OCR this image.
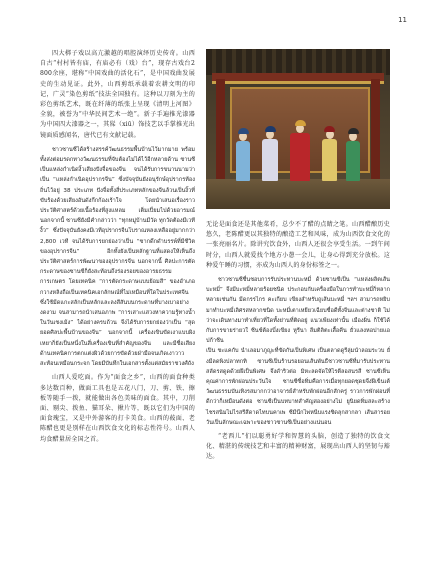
11

四大梆子戏以高亢激越的唱腔演绎历史传奇。山西自古“村村皆有庙，有庙必有（戏）台”，现存古戏台2 800余座，堪称“中国戏曲的活化石”，是中国戏曲发展史的生动见证。此外，山西剪纸承载着农耕文明的印记，广灵“染色剪纸”技法全国独有。这种以刀刻为主的彩色剪纸艺术，既在纤薄的纸张上呈现《清明上河图》全貌，被誉为“中华民间艺术一绝”。新子手遍推光漆器为中国四大漆器之一，其髹（xiū）饰技艺以手掌推光出镜面质感闻名，唐代已有文献记载。

ชาวซานซีได้สร้างสรรค์วัฒนธรรมพื้นบ้านไว้มากมาย พร้อมทั้งส่งต่อมรดกทางวัฒนธรรมที่จับต้องไม่ได้ไว้อีกหลายด้าน ซานซีเป็นแหล่งกำเนิดงิ้วเสียงปังจื่อของจีน จนได้รับการขนานนามว่าเป็น “แหล่งกำเนิดอุปรากรจีน” ซึ่งบัจจุบันยังอนุรักษ์อุปรากรท้องถิ่นไว้อยู่ 38 ประเภท ปังจื่อทั้งสี่ประเภทหลักของจีนล้วนเป็นงิ้วที่ขับร้องด้วยเสียงอันดังกึกก้องเร้าใจ โดยนำเสนอเรื่องราวประวัติศาสตร์ด้วยเนื้อร้องที่สูงแหลม เต็มเปี่ยมไปด้วยอารมณ์ นอกจากนี้ ซานซียังมีคำกล่าวว่า “ทุกหมู่บ้านมีวัด ทุกวัดต้องมีเวทีงิ้ว” ซึ่งปัจจุบันยังคงมีเวทีอุปรากรจีนโบราณหลงเหลืออยู่มากกว่า 2,800 เวที จนได้รับการยกย่องว่าเป็น “ซากดึกดำบรรพ์ที่มีชีวิตของอุปรากรจีน” อีกทั้งยังเป็นหลักฐานที่แสดงให้เห็นถึงประวัติศาสตร์การพัฒนาของอุปรากรจีน นอกจากนี้ ศิลปะการตัดกระดาษของซานซีก็ยังสะท้อนถึงร่องรอยของอารยธรรมการเกษตร โดยเทคนิค “การตัดกระดาษแบบย้อมสี” ของอำเภอกวางหลิงถือเป็นเทคนิคเอกลักษณ์ที่ไม่เหมือนที่ใดในประเทศจีน ซึ่งใช้มีดแกะสลักเป็นหลักและลงสีสันบนกระดาษที่บางเบาอย่างงดงาม จนสามารถนำเสนอภาพ “การเสาะแสวงหาความรู้ทางน้ำในวันเชงเม้ง” ได้อย่างครบถ้วน จึงได้รับการยกย่องว่าเป็น “สุดยอดศิลปะพื้นบ้านของจีน” นอกจากนี้ เครื่องเขินขัดเงาแบบผิงเหยาก็ยังเป็นหนึ่งในสี่เครื่องเขินที่สำคัญของจีน และมีชื่อเสียงด้านเทคนิคการตกแต่งผิวด้วยการขัดด้วยฝ่ามือจนเกิดเงาวาวสะท้อนเหมือนกระจก โดยมีบันทึกในเอกสารตั้งแต่สมัยราชวงศ์ถัง

山西人爱吃面。作为“面食之乡”，山西的面食种类多达数百种，做面工具也是五花八门，刀、剪、铁、擦板等随手一拨，就能做出各色美味的面食。其中，刀削面、剔尖、拨鱼、猫耳朵、揪片等，既以它们为中国的面食瑰宝，又是中外游客的打卡美食。山西的莜面、老陈醋也更是别样在山西饮食文化的标志性符号。山西人均食醋量居全国之首。

无论是面食还是其他菜肴，总少不了醋的点睛之笔。山西醋酿历史悠久，老陈醋更以其独特的酿造工艺和风味，成为山西饮食文化的一张亮丽名片。除讲究饮食外，山西人还很会享受生活。一到午间时分，山西人就爱找个地方小憩一会儿，让身心得到充分放松。这种爱午睡的习惯，亦成为山西人的身份标签之一。

ชาวซานซีชื่นชอบการรับประทานบะหมี่ ด้วยซานซีเป็น “แหล่งผลิตเส้นบะหมี่” จึงมีบะหมี่หลายร้อยชนิด ประกอบกับเครื่องมือในการทำบะหมี่ก็หลากหลายเช่นกัน มีดกรรไกร คะเกียบ เขียงสำหรับถูเส้นบะหมี่ ฯลฯ สามารถหยิบมาทำบะหมี่เลิศรสหลากชนิด บะหมี่เตาเหยียวเฉียบชื่อดีทั้งจีนและต่างชาติ ไม่ว่าจะเดินทางมาทำเที่ยวที่ใดทั้งย่านที่ติดอยู่ แนวเพียงเท่านั้น เมืองผิ่น ก็ใช้ได้กับการขายร่ายวใ ซีนช์ต้องบึ่งเขียง หูรีนา ลีมติลิตะเสื้อคีน ยั่วแลงหอปายแอปก้าชีน

เปิน ชะแคกับ นำเลอมาภูญะที่ขัดกันเป็นพิเศษ เป็นตลาดดูรีลุ่มนำลอมระวบ ยั่งมีลดพิงปลาทกทิ ซานซีเป็นร้านรอยอนเส้นพันธืชาวซานซีที่มารับประทาน สลัดรสดูดด้วยฝีเป็นพิเศษ จึงดำริวต่อ มิหะลดจัดให้ไรตีลอสนรสี ซานซีเห็นคุณค่าการพักผ่อนประวันใจ ซานซีซื่อทิ่มคือการเมื่อทุกยอดชุดยจึงฝีเข็นเต้ วัฒนธรรมบันเทิงรสมากกว่าอาจารย์สำหรับพักผ่อนอีกสักครู่ ราวการพักผ่อนที่ดีกว่าก็เหมือนดังต่อ ซานซีเป็นบทบาทสำคัญสองอย่างไม่ ยูนิยดทิ่มสละสร้างไชรสนิมไม่ไรสรีสีดาดไทบนคาเพ ซีมีนึกไพ่หนีบแรงชิดลุกสากลา เส้นสารอยวันเป็นลักษณะเฉพาะของชาวซานซีเป็นอย่างแน่นอน

“老西儿”们以聪勇好学和智慧的头脑，创造了独特的饮食文化、精湛的传统技艺和丰富的精神财富，展现出山西人的坚韧与豁达。
